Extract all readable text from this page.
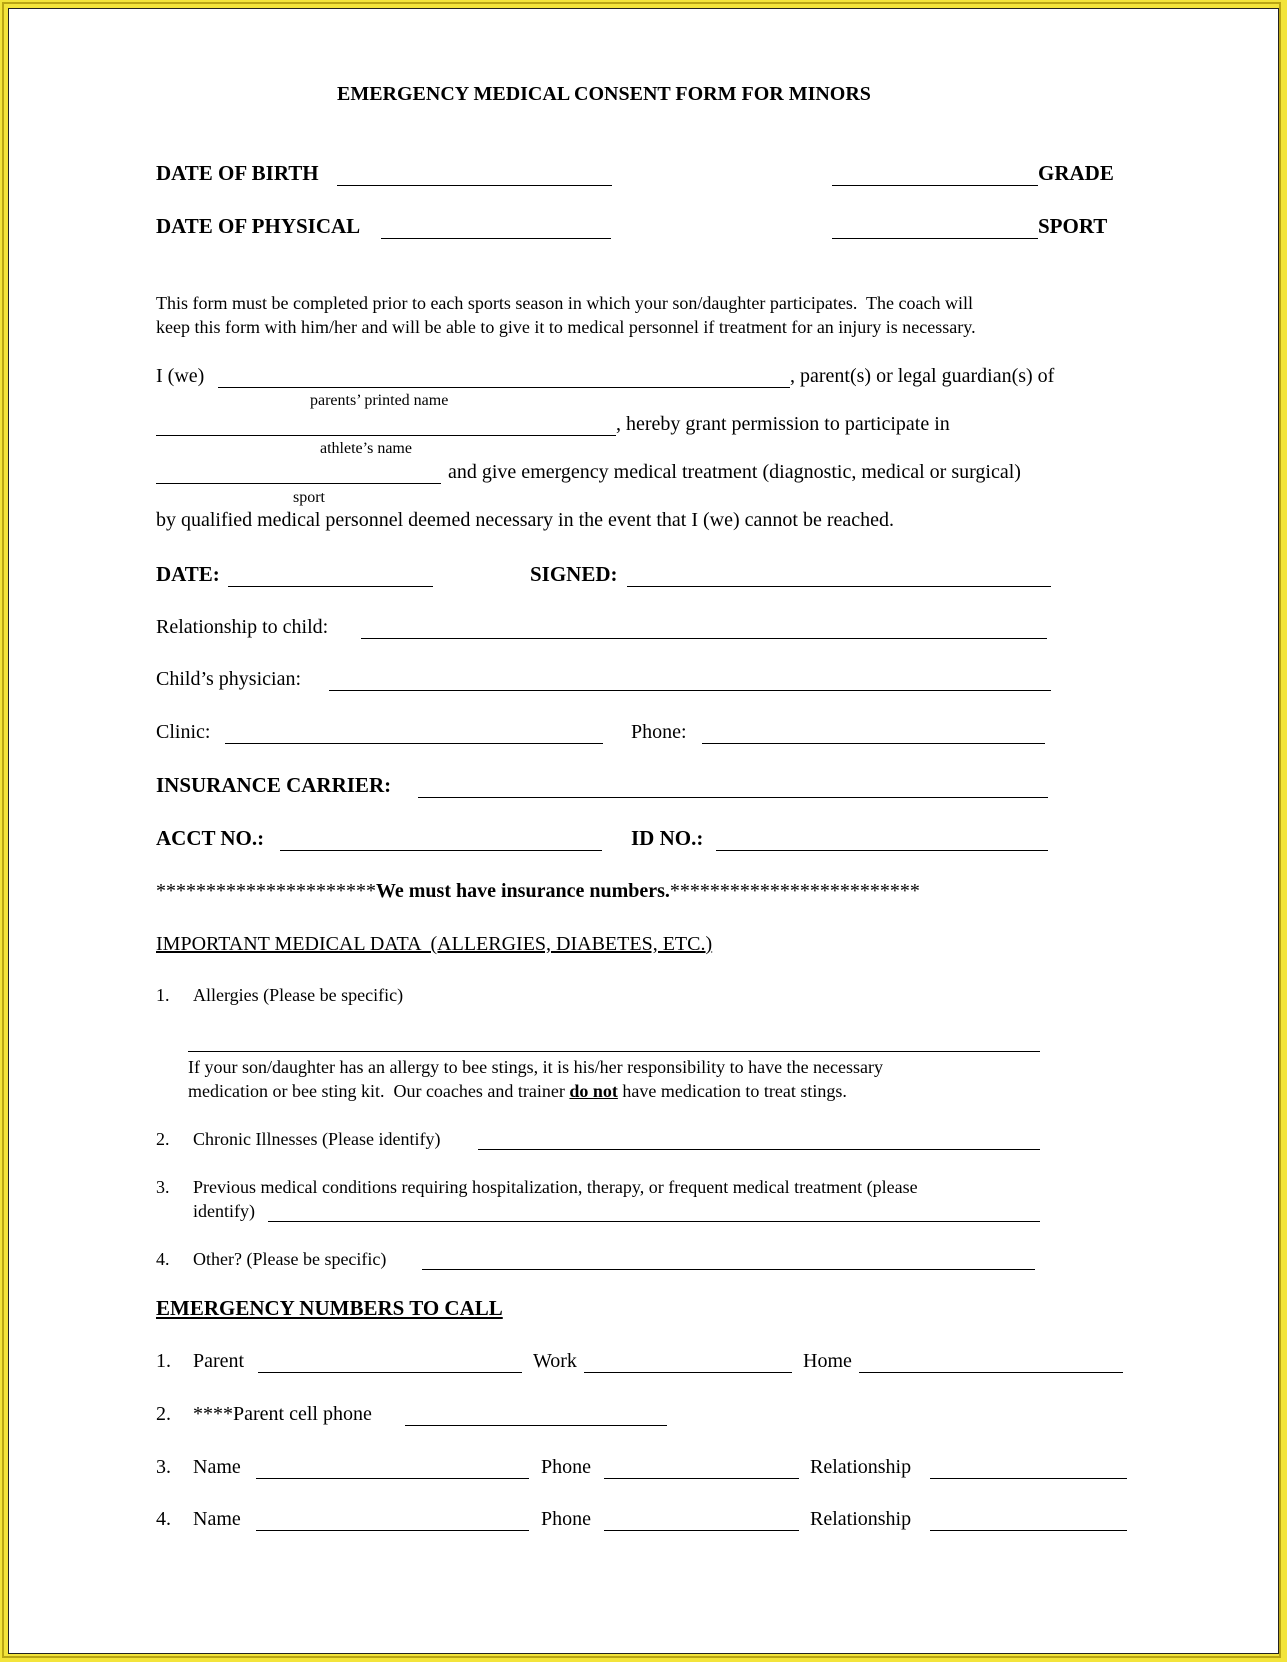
EMERGENCY MEDICAL CONSENT FORM FOR MINORS
DATE OF BIRTH	GRADE
DATE OF PHYSICAL	SPORT
This form must be completed prior to each sports season in which your son/daughter participates.  The coach will
keep this form with him/her and will be able to give it to medical personnel if treatment for an injury is necessary.
I (we)	, parent(s) or legal guardian(s) of
parents’ printed name
, hereby grant permission to participate in
athlete’s name
and give emergency medical treatment (diagnostic, medical or surgical)
sport
by qualified medical personnel deemed necessary in the event that I (we) cannot be reached.
DATE:	SIGNED:
Relationship to child:
Child’s physician:
Clinic:	Phone:
INSURANCE CARRIER:
ACCT NO.:	ID NO.:
**********************We must have insurance numbers.*************************
IMPORTANT MEDICAL DATA  (ALLERGIES, DIABETES, ETC.)
1. Allergies (Please be specific)
If your son/daughter has an allergy to bee stings, it is his/her responsibility to have the necessary
medication or bee sting kit.  Our coaches and trainer do not have medication to treat stings.
2. Chronic Illnesses (Please identify)
3. Previous medical conditions requiring hospitalization, therapy, or frequent medical treatment (please
identify)
4. Other? (Please be specific)
EMERGENCY NUMBERS TO CALL
1. Parent	Work	Home
2. ****Parent cell phone
3. Name	Phone	Relationship
4. Name	Phone	Relationship
